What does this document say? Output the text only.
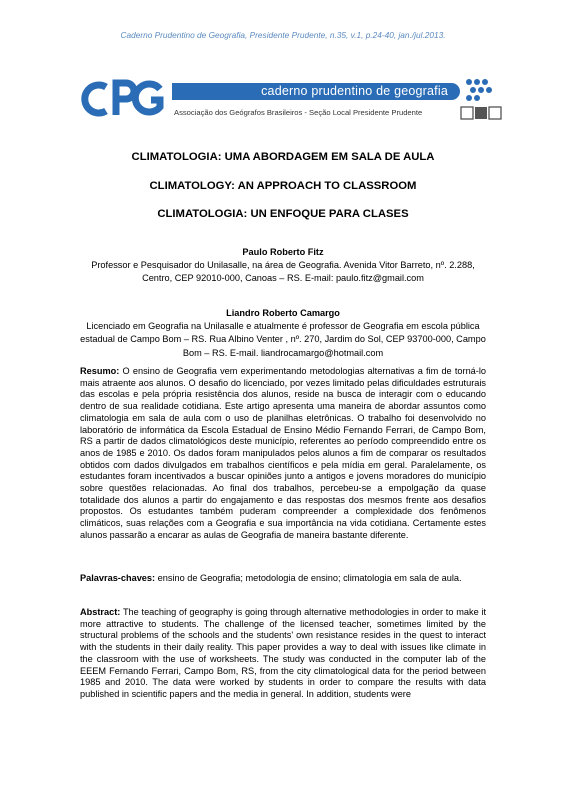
Caderno Prudentino de Geografia, Presidente Prudente, n.35, v.1, p.24-40, jan./jul.2013.
caderno prudentino de geografia
Associação dos Geógrafos Brasileiros - Seção Local Presidente Prudente
CLIMATOLOGIA: UMA ABORDAGEM EM SALA DE AULA
CLIMATOLOGY: AN APPROACH TO CLASSROOM
CLIMATOLOGIA: UN ENFOQUE PARA CLASES
Paulo Roberto Fitz
Professor e Pesquisador do Unilasalle, na área de Geografia. Avenida Vitor Barreto, nº. 2.288, Centro, CEP 92010-000, Canoas – RS. E-mail: paulo.fitz@gmail.com
Liandro Roberto Camargo
Licenciado em Geografia na Unilasalle e atualmente é professor de Geografia em escola pública estadual de Campo Bom – RS. Rua Albino Venter , nº. 270, Jardim do Sol, CEP 93700-000, Campo Bom – RS. E-mail. liandrocamargo@hotmail.com
Resumo: O ensino de Geografia vem experimentando metodologias alternativas a fim de torná-lo mais atraente aos alunos. O desafio do licenciado, por vezes limitado pelas dificuldades estruturais das escolas e pela própria resistência dos alunos, reside na busca de interagir com o educando dentro de sua realidade cotidiana. Este artigo apresenta uma maneira de abordar assuntos como climatologia em sala de aula com o uso de planilhas eletrônicas. O trabalho foi desenvolvido no laboratório de informática da Escola Estadual de Ensino Médio Fernando Ferrari, de Campo Bom, RS a partir de dados climatológicos deste município, referentes ao período compreendido entre os anos de 1985 e 2010. Os dados foram manipulados pelos alunos a fim de comparar os resultados obtidos com dados divulgados em trabalhos científicos e pela mídia em geral. Paralelamente, os estudantes foram incentivados a buscar opiniões junto a antigos e jovens moradores do município sobre questões relacionadas. Ao final dos trabalhos, percebeu-se a empolgação da quase totalidade dos alunos a partir do engajamento e das respostas dos mesmos frente aos desafios propostos. Os estudantes também puderam compreender a complexidade dos fenômenos climáticos, suas relações com a Geografia e sua importância na vida cotidiana. Certamente estes alunos passarão a encarar as aulas de Geografia de maneira bastante diferente.
Palavras-chaves: ensino de Geografia; metodologia de ensino; climatologia em sala de aula.
Abstract: The teaching of geography is going through alternative methodologies in order to make it more attractive to students. The challenge of the licensed teacher, sometimes limited by the structural problems of the schools and the students' own resistance resides in the quest to interact with the students in their daily reality. This paper provides a way to deal with issues like climate in the classroom with the use of worksheets. The study was conducted in the computer lab of the EEEM Fernando Ferrari, Campo Bom, RS, from the city climatological data for the period between 1985 and 2010. The data were worked by students in order to compare the results with data published in scientific papers and the media in general. In addition, students were
